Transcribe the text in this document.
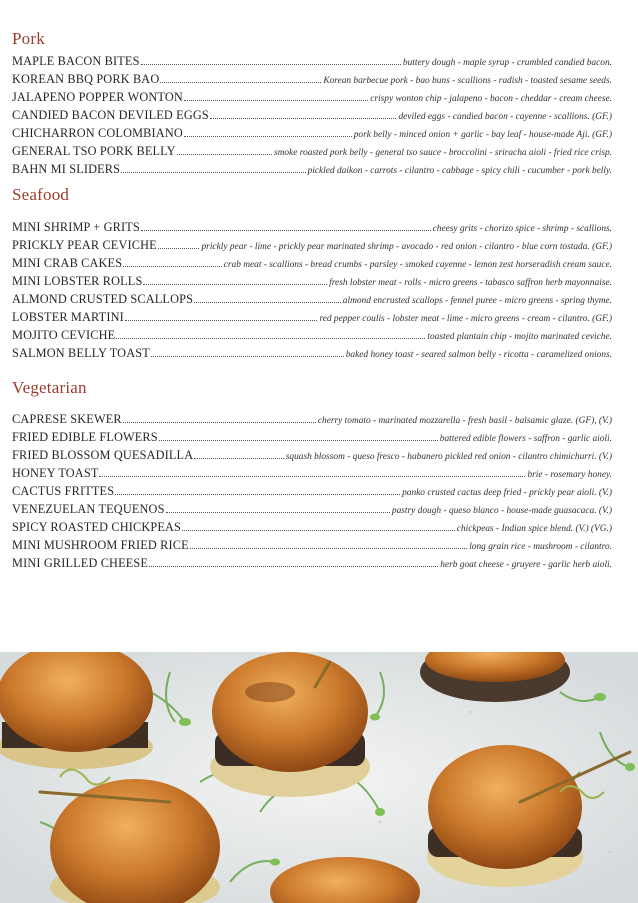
Pork
MAPLE BACON BITES	buttery dough - maple syrup - crumbled candied bacon.
KOREAN BBQ PORK BAO	Korean barbecue pork - bao buns - scallions - radish - toasted sesame seeds.
JALAPENO POPPER WONTON	crispy wonton chip - jalapeno - bacon - cheddar - cream cheese.
CANDIED BACON DEVILED EGGS	deviled eggs - candied bacon - cayenne - scallions. (GF.)
CHICHARRON COLOMBIANO	pork belly - minced onion + garlic - bay leaf - house-made Aji. (GF.)
GENERAL TSO PORK BELLY	smoke roasted pork belly - general tso sauce - broccolini - sriracha aioli - fried rice crisp.
BAHN MI SLIDERS	pickled daikon - carrots - cilantro - cabbage - spicy chili - cucumber - pork belly.
Seafood
MINI SHRIMP + GRITS	cheesy grits - chorizo spice - shrimp - scallions.
PRICKLY PEAR CEVICHE	prickly pear - lime - prickly pear marinated shrimp - avocado - red onion - cilantro - blue corn tostada. (GF.)
MINI CRAB CAKES	crab meat - scallions - bread crumbs - parsley - smoked cayenne - lemon zest horseradish cream sauce.
MINI LOBSTER ROLLS	fresh lobster meat - rolls - micro greens - tabasco saffron herb mayonnaise.
ALMOND CRUSTED SCALLOPS	almond encrusted scallops - fennel puree - micro greens - spring thyme.
LOBSTER MARTINI	red pepper coulis - lobster meat - lime - micro greens - cream - cilantro. (GF.)
MOJITO CEVICHE	toasted plantain chip - mojito marinated ceviche.
SALMON BELLY TOAST	baked honey toast - seared salmon belly - ricotta - caramelized onions.
Vegetarian
CAPRESE SKEWER	cherry tomato - marinated mozzarella - fresh basil - balsamic glaze. (GF), (V.)
FRIED EDIBLE FLOWERS	battered edible flowers - saffron - garlic aioli.
FRIED BLOSSOM QUESADILLA	squash blossom - queso fresco - habanero pickled red onion - cilantro chimichurri. (V.)
HONEY TOAST	brie - rosemary honey.
CACTUS FRITTES	panko crusted cactus deep fried - prickly pear aioli. (V.)
VENEZUELAN TEQUENOS	pastry dough - queso blanco - house-made guasacaca. (V.)
SPICY ROASTED CHICKPEAS	chickpeas - Indian spice blend. (V.) (VG.)
MINI MUSHROOM FRIED RICE	long grain rice - mushroom - cilantro.
MINI GRILLED CHEESE	herb goat cheese - gruyere - garlic herb aioli.
